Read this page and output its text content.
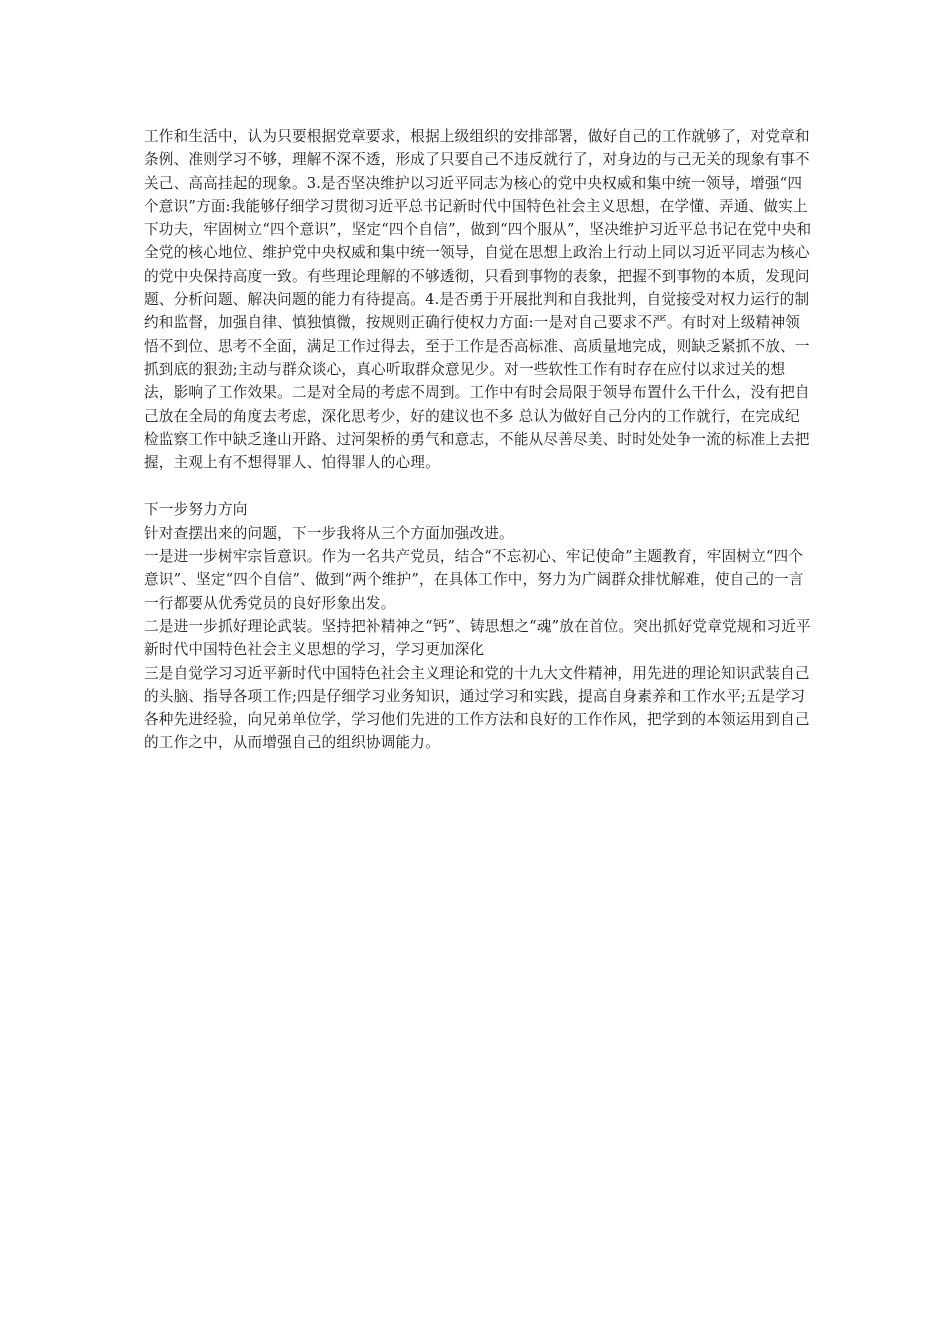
工作和生活中，认为只要根据党章要求，根据上级组织的安排部署，做好自己的工作就够了，对党章和条例、准则学习不够，理解不深不透，形成了只要自己不违反就行了，对身边的与己无关的现象有事不关己、高高挂起的现象。3.是否坚决维护以习近平同志为核心的党中央权威和集中统一领导，增强“四个意识”方面:我能够仔细学习贯彻习近平总书记新时代中国特色社会主义思想，在学懂、弄通、做实上下功夫，牢固树立“四个意识”，坚定“四个自信”，做到“四个服从”，坚决维护习近平总书记在党中央和全党的核心地位、维护党中央权威和集中统一领导，自觉在思想上政治上行动上同以习近平同志为核心的党中央保持高度一致。有些理论理解的不够透彻，只看到事物的表象，把握不到事物的本质，发现问题、分析问题、解决问题的能力有待提高。4.是否勇于开展批判和自我批判，自觉接受对权力运行的制约和监督，加强自律、慎独慎微，按规则正确行使权力方面:一是对自己要求不严。有时对上级精神领悟不到位、思考不全面，满足工作过得去，至于工作是否高标准、高质量地完成，则缺乏紧抓不放、一抓到底的狠劲;主动与群众谈心，真心听取群众意见少。对一些软性工作有时存在应付以求过关的想法，影响了工作效果。二是对全局的考虑不周到。工作中有时会局限于领导布置什么干什么，没有把自己放在全局的角度去考虑，深化思考少，好的建议也不多 总认为做好自己分内的工作就行，在完成纪检监察工作中缺乏逢山开路、过河架桥的勇气和意志，不能从尽善尽美、时时处处争一流的标准上去把握，主观上有不想得罪人、怕得罪人的心理。

下一步努力方向

针对查摆出来的问题，下一步我将从三个方面加强改进。

一是进一步树牢宗旨意识。作为一名共产党员，结合“不忘初心、牢记使命”主题教育，牢固树立“四个意识”、坚定“四个自信”、做到“两个维护”，在具体工作中，努力为广阔群众排忧解难，使自己的一言一行都要从优秀党员的良好形象出发。

二是进一步抓好理论武装。坚持把补精神之“钙”、铸思想之“魂”放在首位。突出抓好党章党规和习近平新时代中国特色社会主义思想的学习，学习更加深化

三是自觉学习习近平新时代中国特色社会主义理论和党的十九大文件精神，用先进的理论知识武装自己的头脑、指导各项工作;四是仔细学习业务知识，通过学习和实践，提高自身素养和工作水平;五是学习各种先进经验，向兄弟单位学，学习他们先进的工作方法和良好的工作作风，把学到的本领运用到自己的工作之中，从而增强自己的组织协调能力。
